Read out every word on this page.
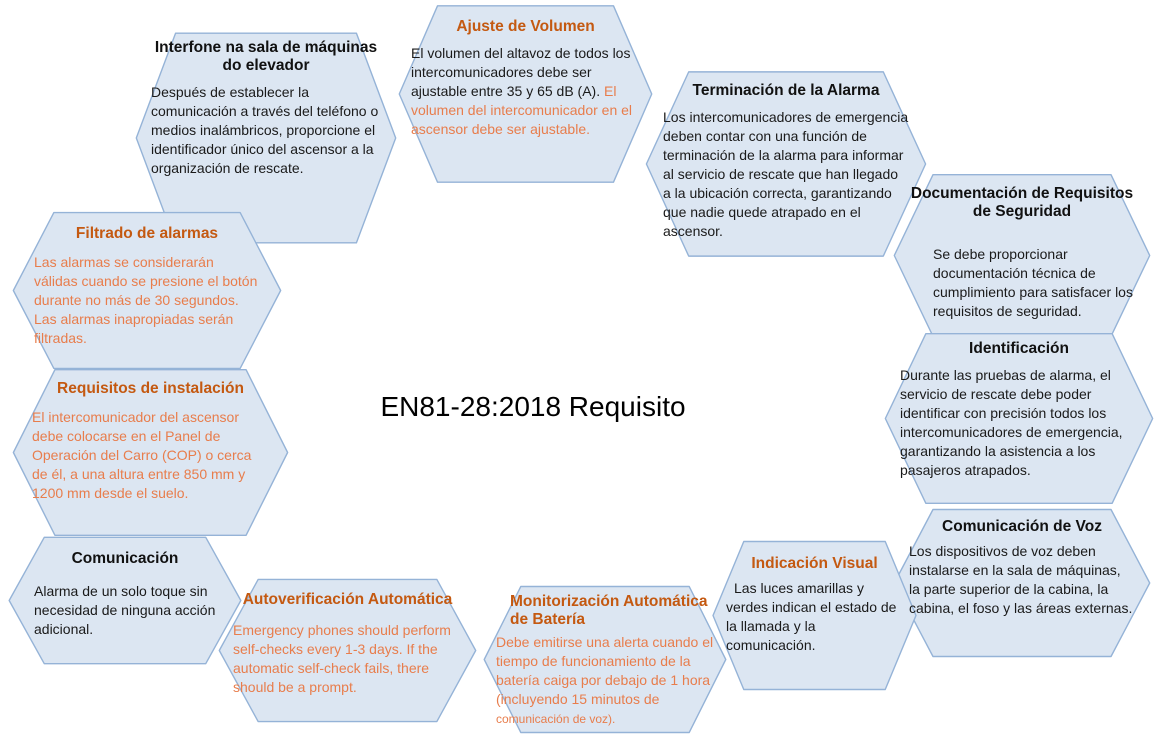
Interfone na sala de máquinas do elevador
Después de establecer la comunicación a través del teléfono o medios inalámbricos, proporcione el identificador único del ascensor a la organización de rescate.
Ajuste de Volumen
El volumen del altavoz de todos los intercomunicadores debe ser ajustable entre 35 y 65 dB (A). El volumen del intercomunicador en el ascensor debe ser ajustable.
Terminación de la Alarma
Los intercomunicadores de emergencia deben contar con una función de terminación de la alarma para informar al servicio de rescate que han llegado a la ubicación correcta, garantizando que nadie quede atrapado en el ascensor.
Documentación de Requisitos de Seguridad
Se debe proporcionar documentación técnica de cumplimiento para satisfacer los requisitos de seguridad.
Identificación
Durante las pruebas de alarma, el servicio de rescate debe poder identificar con precisión todos los intercomunicadores de emergencia, garantizando la asistencia a los pasajeros atrapados.
Comunicación de Voz
Los dispositivos de voz deben instalarse en la sala de máquinas, la parte superior de la cabina, la cabina, el foso y las áreas externas.
Indicación Visual
Las luces amarillas y verdes indican el estado de la llamada y la comunicación.
Monitorización Automática de Batería
Debe emitirse una alerta cuando el tiempo de funcionamiento de la batería caiga por debajo de 1 hora (incluyendo 15 minutos de comunicación de voz).
Autoverificación Automática
Emergency phones should perform self-checks every 1-3 days. If the automatic self-check fails, there should be a prompt.
Comunicación
Alarma de un solo toque sin necesidad de ninguna acción adicional.
Requisitos de instalación
El intercomunicador del ascensor debe colocarse en el Panel de Operación del Carro (COP) o cerca de él, a una altura entre 850 mm y 1200 mm desde el suelo.
Filtrado de alarmas
Las alarmas se considerarán válidas cuando se presione el botón durante no más de 30 segundos. Las alarmas inapropiadas serán filtradas.
EN81-28:2018 Requisito
